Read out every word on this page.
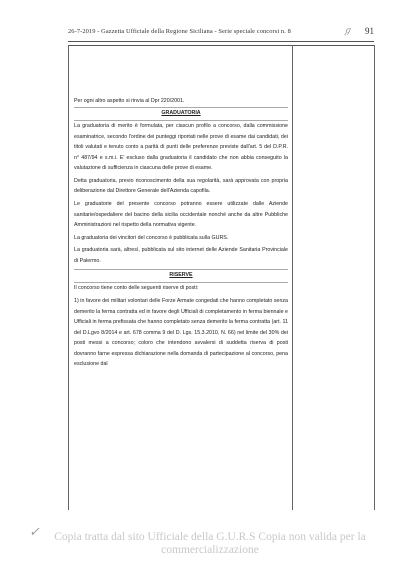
26-7-2019 - Gazzetta Ufficiale della Regione Siciliana - Serie speciale concorsi n. 8	ℊ 91

Per ogni altro aspetto si rinvia al Dpr 220/2001.

GRADUATORIA

La graduatoria di merito è formulata, per ciascun profilo a concorso, dalla commissione esaminatrice, secondo l'ordine dei punteggi riportati nelle prove di esame dai candidati, dei titoli valutati e tenuto conto a parità di punti delle preferenze previste dall'art. 5 del D.P.R. n° 487/94 e s.m.i. E' escluso dalla graduatoria il candidato che non abbia conseguito la valutazione di sufficienza in ciascuna delle prove di esame.

Detta graduatoria, previo riconoscimento della sua regolarità, sarà approvata con propria deliberazione dal Direttore Generale dell'Azienda capofila.

Le graduatorie del presente concorso potranno essere utilizzate dalle Aziende sanitarie/ospedaliere del bacino della sicilia occidentale nonché anche da altre Pubbliche Amministrazioni nel rispetto della normativa vigente.

La graduatoria dei vincitori del concorso è pubblicata sulla GURS.

La graduatoria sarà, altresì, pubblicata sul sito internet delle Aziende Sanitaria Provinciale di Palermo.

RISERVE

Il concorso tiene conto delle seguenti riserve di posti:

1) in favore dei militari volontari delle Forze Armate congedati che hanno completato senza demerito la ferma contratta ed in favore degli Ufficiali di completamento in ferma biennale e Ufficiali in ferma prefissata che hanno completato senza demerito la ferma contratta (art. 11 del D.Lgvo 8/2014 e art. 678 comma 9 del D. Lgs. 15.3.2010, N. 66) nel limite del 30% dei posti messi a concorso; coloro che intendono avvalersi di suddetta riserva di posti dovranno farne espressa dichiarazione nella domanda di partecipazione al concorso, pena esclusione dal

✓	Copia tratta dal sito Ufficiale della G.U.R.S Copia non valida per la commercializzazione
